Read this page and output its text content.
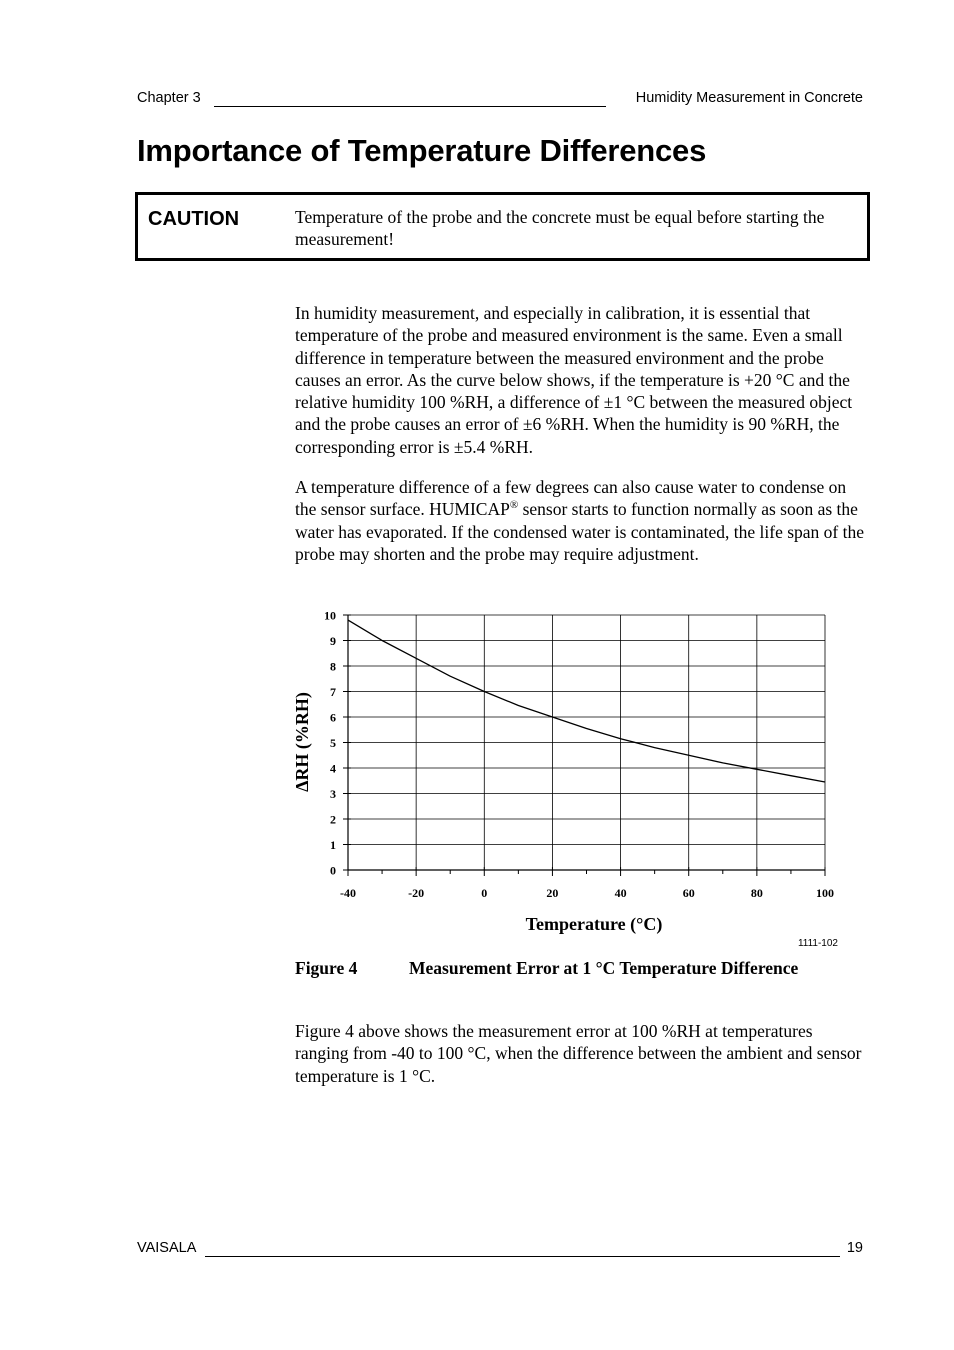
Chapter 3	Humidity Measurement in Concrete
Importance of Temperature Differences
CAUTION	Temperature of the probe and the concrete must be equal before starting the measurement!

In humidity measurement, and especially in calibration, it is essential that temperature of the probe and measured environment is the same. Even a small difference in temperature between the measured environment and the probe causes an error. As the curve below shows, if the temperature is +20 °C and the relative humidity 100 %RH, a difference of ±1 °C between the measured object and the probe causes an error of ±6 %RH. When the humidity is 90 %RH, the corresponding error is ±5.4 %RH.

A temperature difference of a few degrees can also cause water to condense on the sensor surface. HUMICAP® sensor starts to function normally as soon as the water has evaporated. If the condensed water is contaminated, the life span of the probe may shorten and the probe may require adjustment.

0
1
2
3
4
5
6
7
8
9
10
-40	-20	0	20	40	60	80	100
Temperature (°C)
ΔRH (%RH)
1111-102
Figure 4	Measurement Error at 1 °C Temperature Difference

Figure 4 above shows the measurement error at 100 %RH at temperatures ranging from -40 to 100 °C, when the difference between the ambient and sensor temperature is 1 °C.

VAISALA	19
